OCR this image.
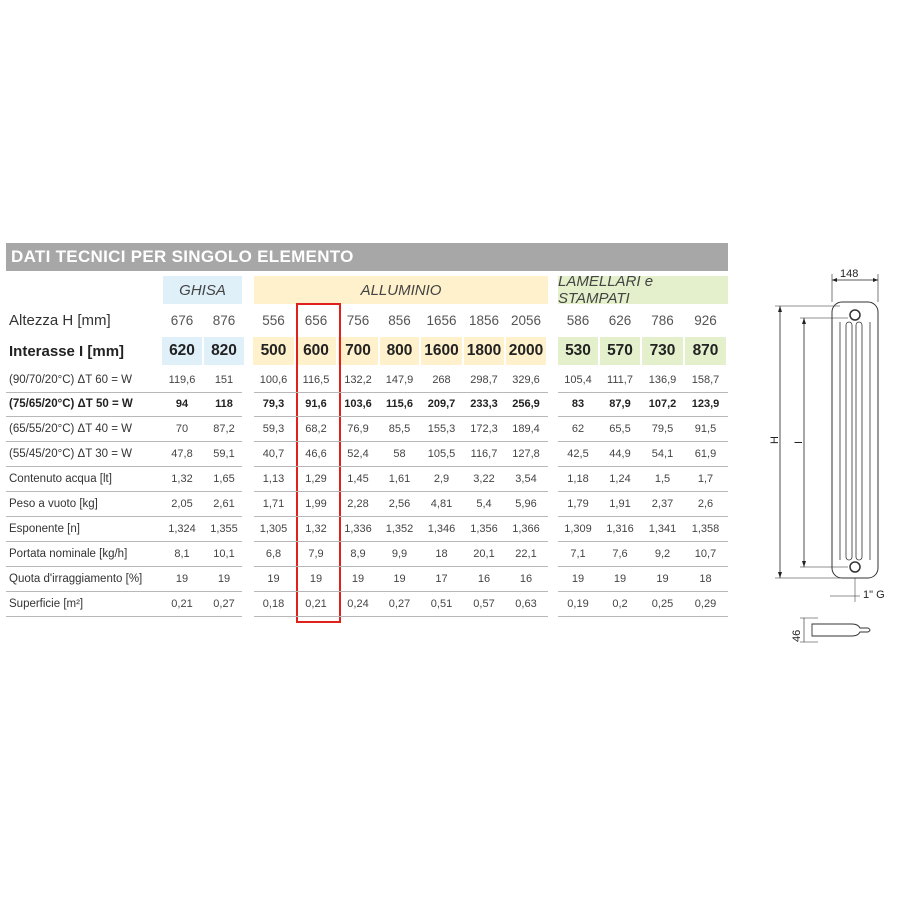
DATI TECNICI PER SINGOLO ELEMENTO
GHISA	ALLUMINIO	LAMELLARI e STAMPATI
Altezza H [mm]	676	876	556	656	756	856	1656 1856 2056	586	626	786	926
Interasse I [mm]	620	820	500	600	700	800 1600 1800 2000	530	570	730	870
(90/70/20°C) ΔT 60 = W	119,6	151	100,6	116,5	132,2	147,9	268	298,7	329,6	105,4	111,7	136,9	158,7
(75/65/20°C) ΔT 50 = W	94	118	79,3	91,6	103,6	115,6	209,7	233,3	256,9	83	87,9	107,2	123,9
(65/55/20°C) ΔT 40 = W	70	87,2	59,3	68,2	76,9	85,5	155,3	172,3	189,4	62	65,5	79,5	91,5
(55/45/20°C) ΔT 30 = W	47,8	59,1	40,7	46,6	52,4	58	105,5	116,7	127,8	42,5	44,9	54,1	61,9
Contenuto acqua [lt]	1,32	1,65	1,13	1,29	1,45	1,61	2,9	3,22	3,54	1,18	1,24	1,5	1,7
Peso a vuoto [kg]	2,05	2,61	1,71	1,99	2,28	2,56	4,81	5,4	5,96	1,79	1,91	2,37	2,6
Esponente [n]	1,324	1,355	1,305	1,32	1,336	1,352	1,346	1,356	1,366	1,309	1,316	1,341	1,358
Portata nominale [kg/h]	8,1	10,1	6,8	7,9	8,9	9,9	18	20,1	22,1	7,1	7,6	9,2	10,7
Quota d'irraggiamento [%]	19	19	19	19	19	19	17	16	16	19	19	19	18
Superficie [m²]	0,21	0,27	0,18	0,21	0,24	0,27	0,51	0,57	0,63	0,19	0,2	0,25	0,29
148
H I
1" G
46
